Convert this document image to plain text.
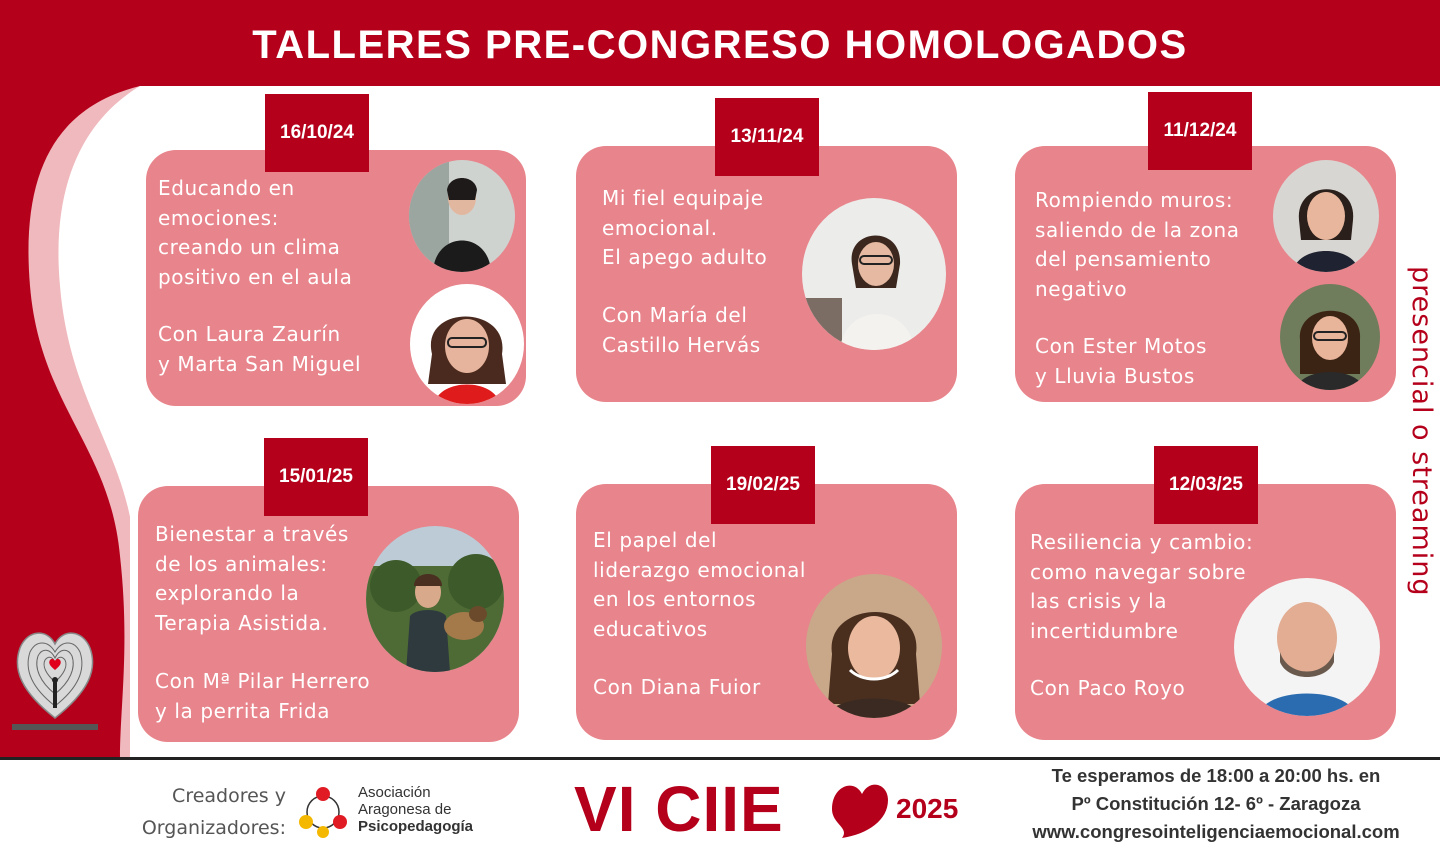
TALLERES PRE-CONGRESO HOMOLOGADOS
Educando en
emociones:
creando un clima
positivo en el aula
Con Laura Zaurín
y Marta San Miguel
16/10/24
Mi fiel equipaje
emocional.
El apego adulto
Con María del
Castillo Hervás
13/11/24
Rompiendo muros:
saliendo de la zona
del pensamiento
negativo
Con Ester Motos
y Lluvia Bustos
11/12/24
Bienestar a través
de los animales:
explorando la
Terapia Asistida.
Con Mª Pilar Herrero
y la perrita Frida
15/01/25
El papel del
liderazgo emocional
en los entornos
educativos
Con Diana Fuior
19/02/25
Resiliencia y cambio:
como navegar sobre
las crisis y la
incertidumbre
Con Paco Royo
12/03/25	presencial o streaming
Creadores y
Organizadores:
Asociación
Aragonesa de
Psicopedagogía VI CIIE	2025
Te esperamos de 18:00 a 20:00 hs. en
Pº Constitución 12- 6º - Zaragoza
www.congresointeligenciaemocional.com
